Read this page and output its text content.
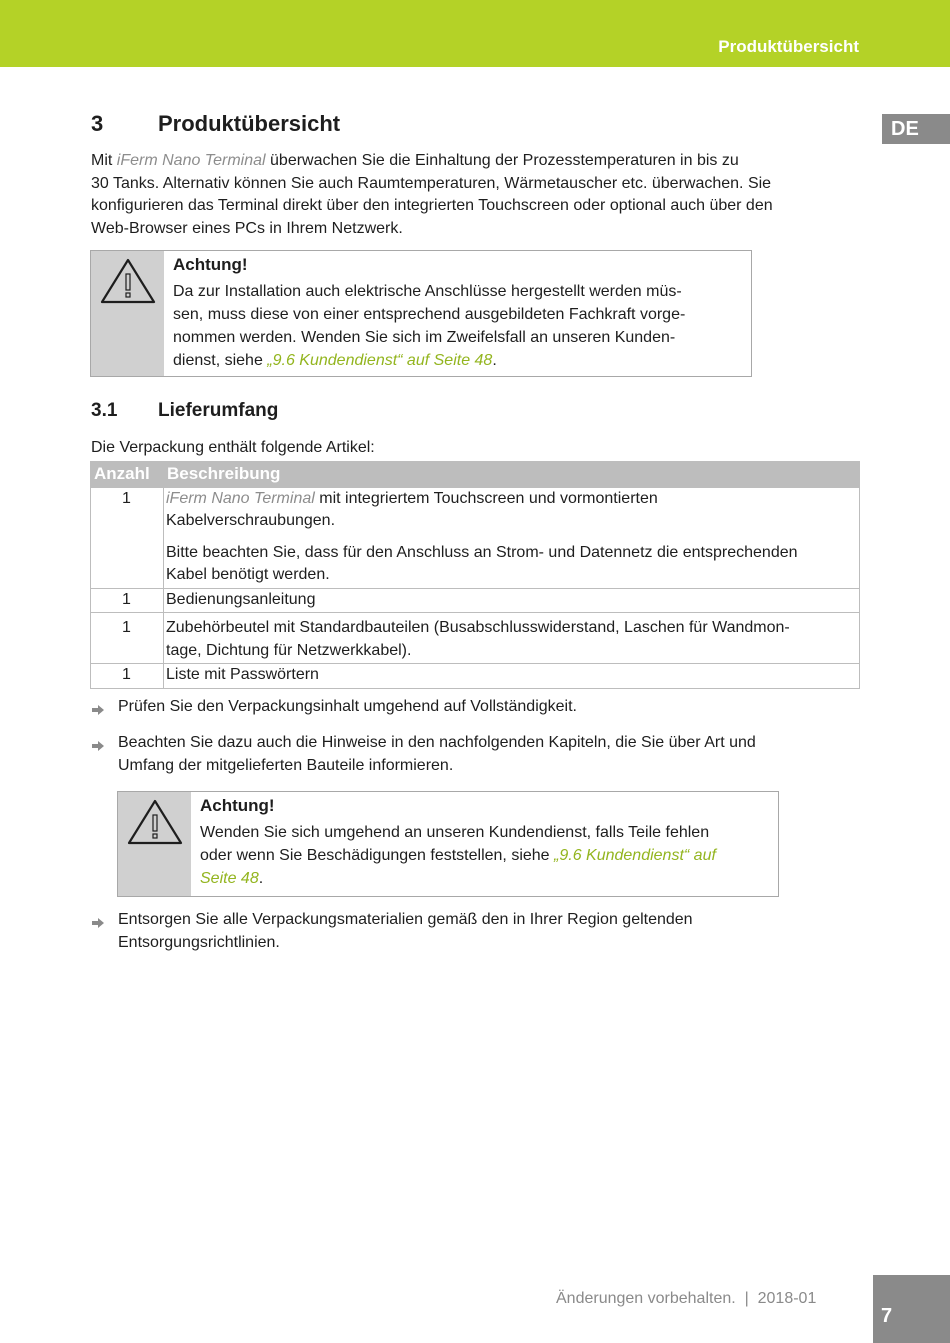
Produktübersicht
DE
3 Produktübersicht
Mit iFerm Nano Terminal überwachen Sie die Einhaltung der Prozesstemperaturen in bis zu
30 Tanks. Alternativ können Sie auch Raumtemperaturen, Wärmetauscher etc. überwachen. Sie
konfigurieren das Terminal direkt über den integrierten Touchscreen oder optional auch über den
Web-Browser eines PCs in Ihrem Netzwerk.
Achtung!
Da zur Installation auch elektrische Anschlüsse hergestellt werden müs-
sen, muss diese von einer entsprechend ausgebildeten Fachkraft vorge-
nommen werden. Wenden Sie sich im Zweifelsfall an unseren Kunden-
dienst, siehe „9.6 Kundendienst“ auf Seite 48.
3.1 Lieferumfang
Die Verpackung enthält folgende Artikel:
Anzahl	Beschreibung
1	iFerm Nano Terminal mit integriertem Touchscreen und vormontierten
Kabelverschraubungen.
Bitte beachten Sie, dass für den Anschluss an Strom- und Datennetz die entsprechenden
Kabel benötigt werden.

1	Bedienungsanleitung
1	Zubehörbeutel mit Standardbauteilen (Busabschlusswiderstand, Laschen für Wandmon-
tage, Dichtung für Netzwerkkabel).

1	Liste mit Passwörtern
Prüfen Sie den Verpackungsinhalt umgehend auf Vollständigkeit.
Beachten Sie dazu auch die Hinweise in den nachfolgenden Kapiteln, die Sie über Art und
Umfang der mitgelieferten Bauteile informieren.
Achtung!
Wenden Sie sich umgehend an unseren Kundendienst, falls Teile fehlen
oder wenn Sie Beschädigungen feststellen, siehe „9.6 Kundendienst“ auf
Seite 48.
Entsorgen Sie alle Verpackungsmaterialien gemäß den in Ihrer Region geltenden
Entsorgungsrichtlinien.
Änderungen vorbehalten.  |  2018-01
7
